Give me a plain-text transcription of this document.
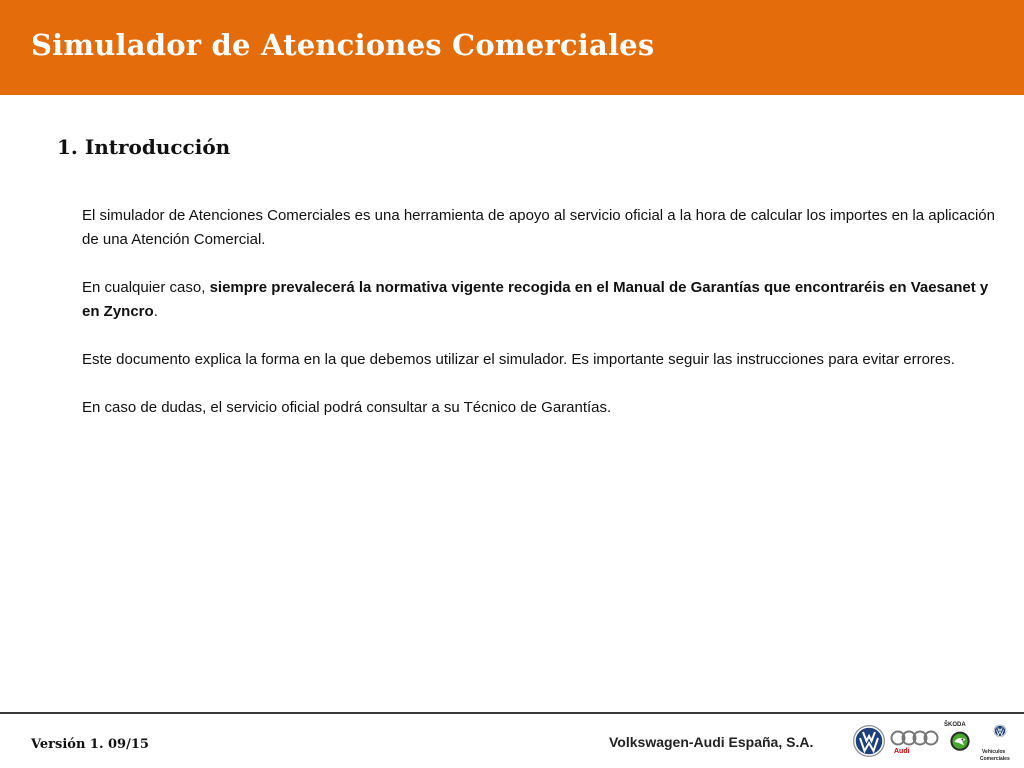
Simulador de Atenciones Comerciales
1. Introducción

El simulador de Atenciones Comerciales es una herramienta de apoyo al servicio oficial a la hora de calcular los importes en la aplicación de una Atención Comercial.

En cualquier caso, siempre prevalecerá la normativa vigente recogida en el Manual de Garantías que encontraréis en Vaesanet y en Zyncro.

Este documento explica la forma en la que debemos utilizar el simulador. Es importante seguir las instrucciones para evitar errores.

En caso de dudas, el servicio oficial podrá consultar a su Técnico de Garantías.

Versión 1. 09/15	Volkswagen-Audi España, S.A.
Audi
ŠKODA
Vehículos
Comerciales
